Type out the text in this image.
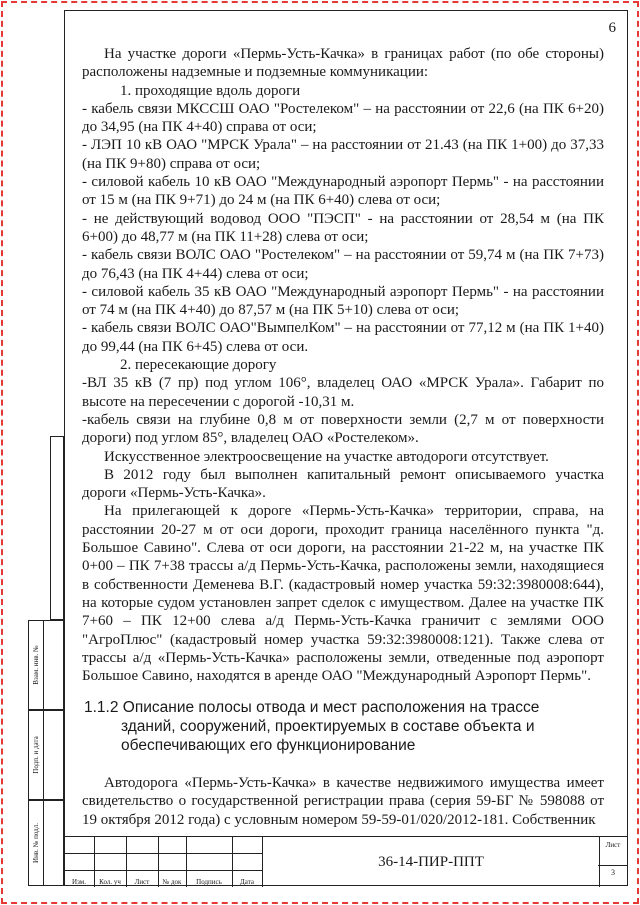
6

На участке дороги «Пермь-Усть-Качка» в границах работ (по обе стороны) расположены надземные и подземные коммуникации:

1. проходящие вдоль дороги

- кабель связи МКССШ ОАО "Ростелеком" – на расстоянии от 22,6 (на ПК 6+20) до 34,95 (на ПК 4+40) справа от оси;

- ЛЭП 10 кВ ОАО "МРСК Урала" – на расстоянии от 21.43 (на ПК 1+00) до 37,33 (на ПК 9+80) справа от оси;

- силовой кабель 10 кВ ОАО "Международный аэропорт Пермь" - на расстоянии от 15 м (на ПК 9+71) до 24 м (на ПК 6+40) слева от оси;

- не действующий водовод ООО "ПЭСП" - на расстоянии от 28,54 м (на ПК 6+00) до 48,77 м (на ПК 11+28) слева от оси;

- кабель связи ВОЛС ОАО "Ростелеком" – на расстоянии от 59,74 м (на ПК 7+73) до 76,43 (на ПК 4+44) слева от оси;

- силовой кабель 35 кВ ОАО "Международный аэропорт Пермь" - на расстоянии от 74 м (на ПК 4+40) до 87,57 м (на ПК 5+10) слева от оси;

- кабель связи ВОЛС ОАО"ВымпелКом" – на расстоянии от 77,12 м (на ПК 1+40) до 99,44 (на ПК 6+45) слева от оси.

2. пересекающие дорогу

-ВЛ 35 кВ (7 пр) под углом 106°, владелец ОАО «МРСК Урала». Габарит по высоте на пересечении с дорогой -10,31 м.

-кабель связи на глубине 0,8 м от поверхности земли (2,7 м от поверхности дороги) под углом 85°, владелец ОАО «Ростелеком».

Искусственное электроосвещение на участке автодороги отсутствует.

В 2012 году был выполнен капитальный ремонт описываемого участка дороги «Пермь-Усть-Качка».

На прилегающей к дороге «Пермь-Усть-Качка» территории, справа, на расстоянии 20-27 м от оси дороги, проходит граница населённого пункта "д. Большое Савино". Слева от оси дороги, на расстоянии 21-22 м, на участке ПК 0+00 – ПК 7+38 трассы а/д Пермь-Усть-Качка, расположены земли, находящиеся в собственности Деменева В.Г. (кадастровый номер участка 59:32:3980008:644), на которые судом установлен запрет сделок с имуществом. Далее на участке ПК 7+60 – ПК 12+00 слева а/д Пермь-Усть-Качка граничит с землями ООО "АгроПлюс" (кадастровый номер участка 59:32:3980008:121). Также слева от трассы а/д «Пермь-Усть-Качка» расположены земли, отведенные под аэропорт Большое Савино, находятся в аренде ОАО "Международный Аэропорт Пермь".

1.1.2 Описание полосы отвода и мест расположения на трассе
зданий, сооружений, проектируемых в составе объекта и
обеспечивающих его функционирование

Автодорога «Пермь-Усть-Качка» в качестве недвижимого имущества имеет свидетельство о государственной регистрации права (серия 59-БГ № 598088 от 19 октября 2012 года) с условным номером 59-59-01/020/2012-181. Собственник

Взам. инв. №
Подп. и дата
Инв. № подл.
Изм.	Кол. уч	Лист	№ док	Подпись	Дата
36-14-ПИР-ППТ
Лист
3
